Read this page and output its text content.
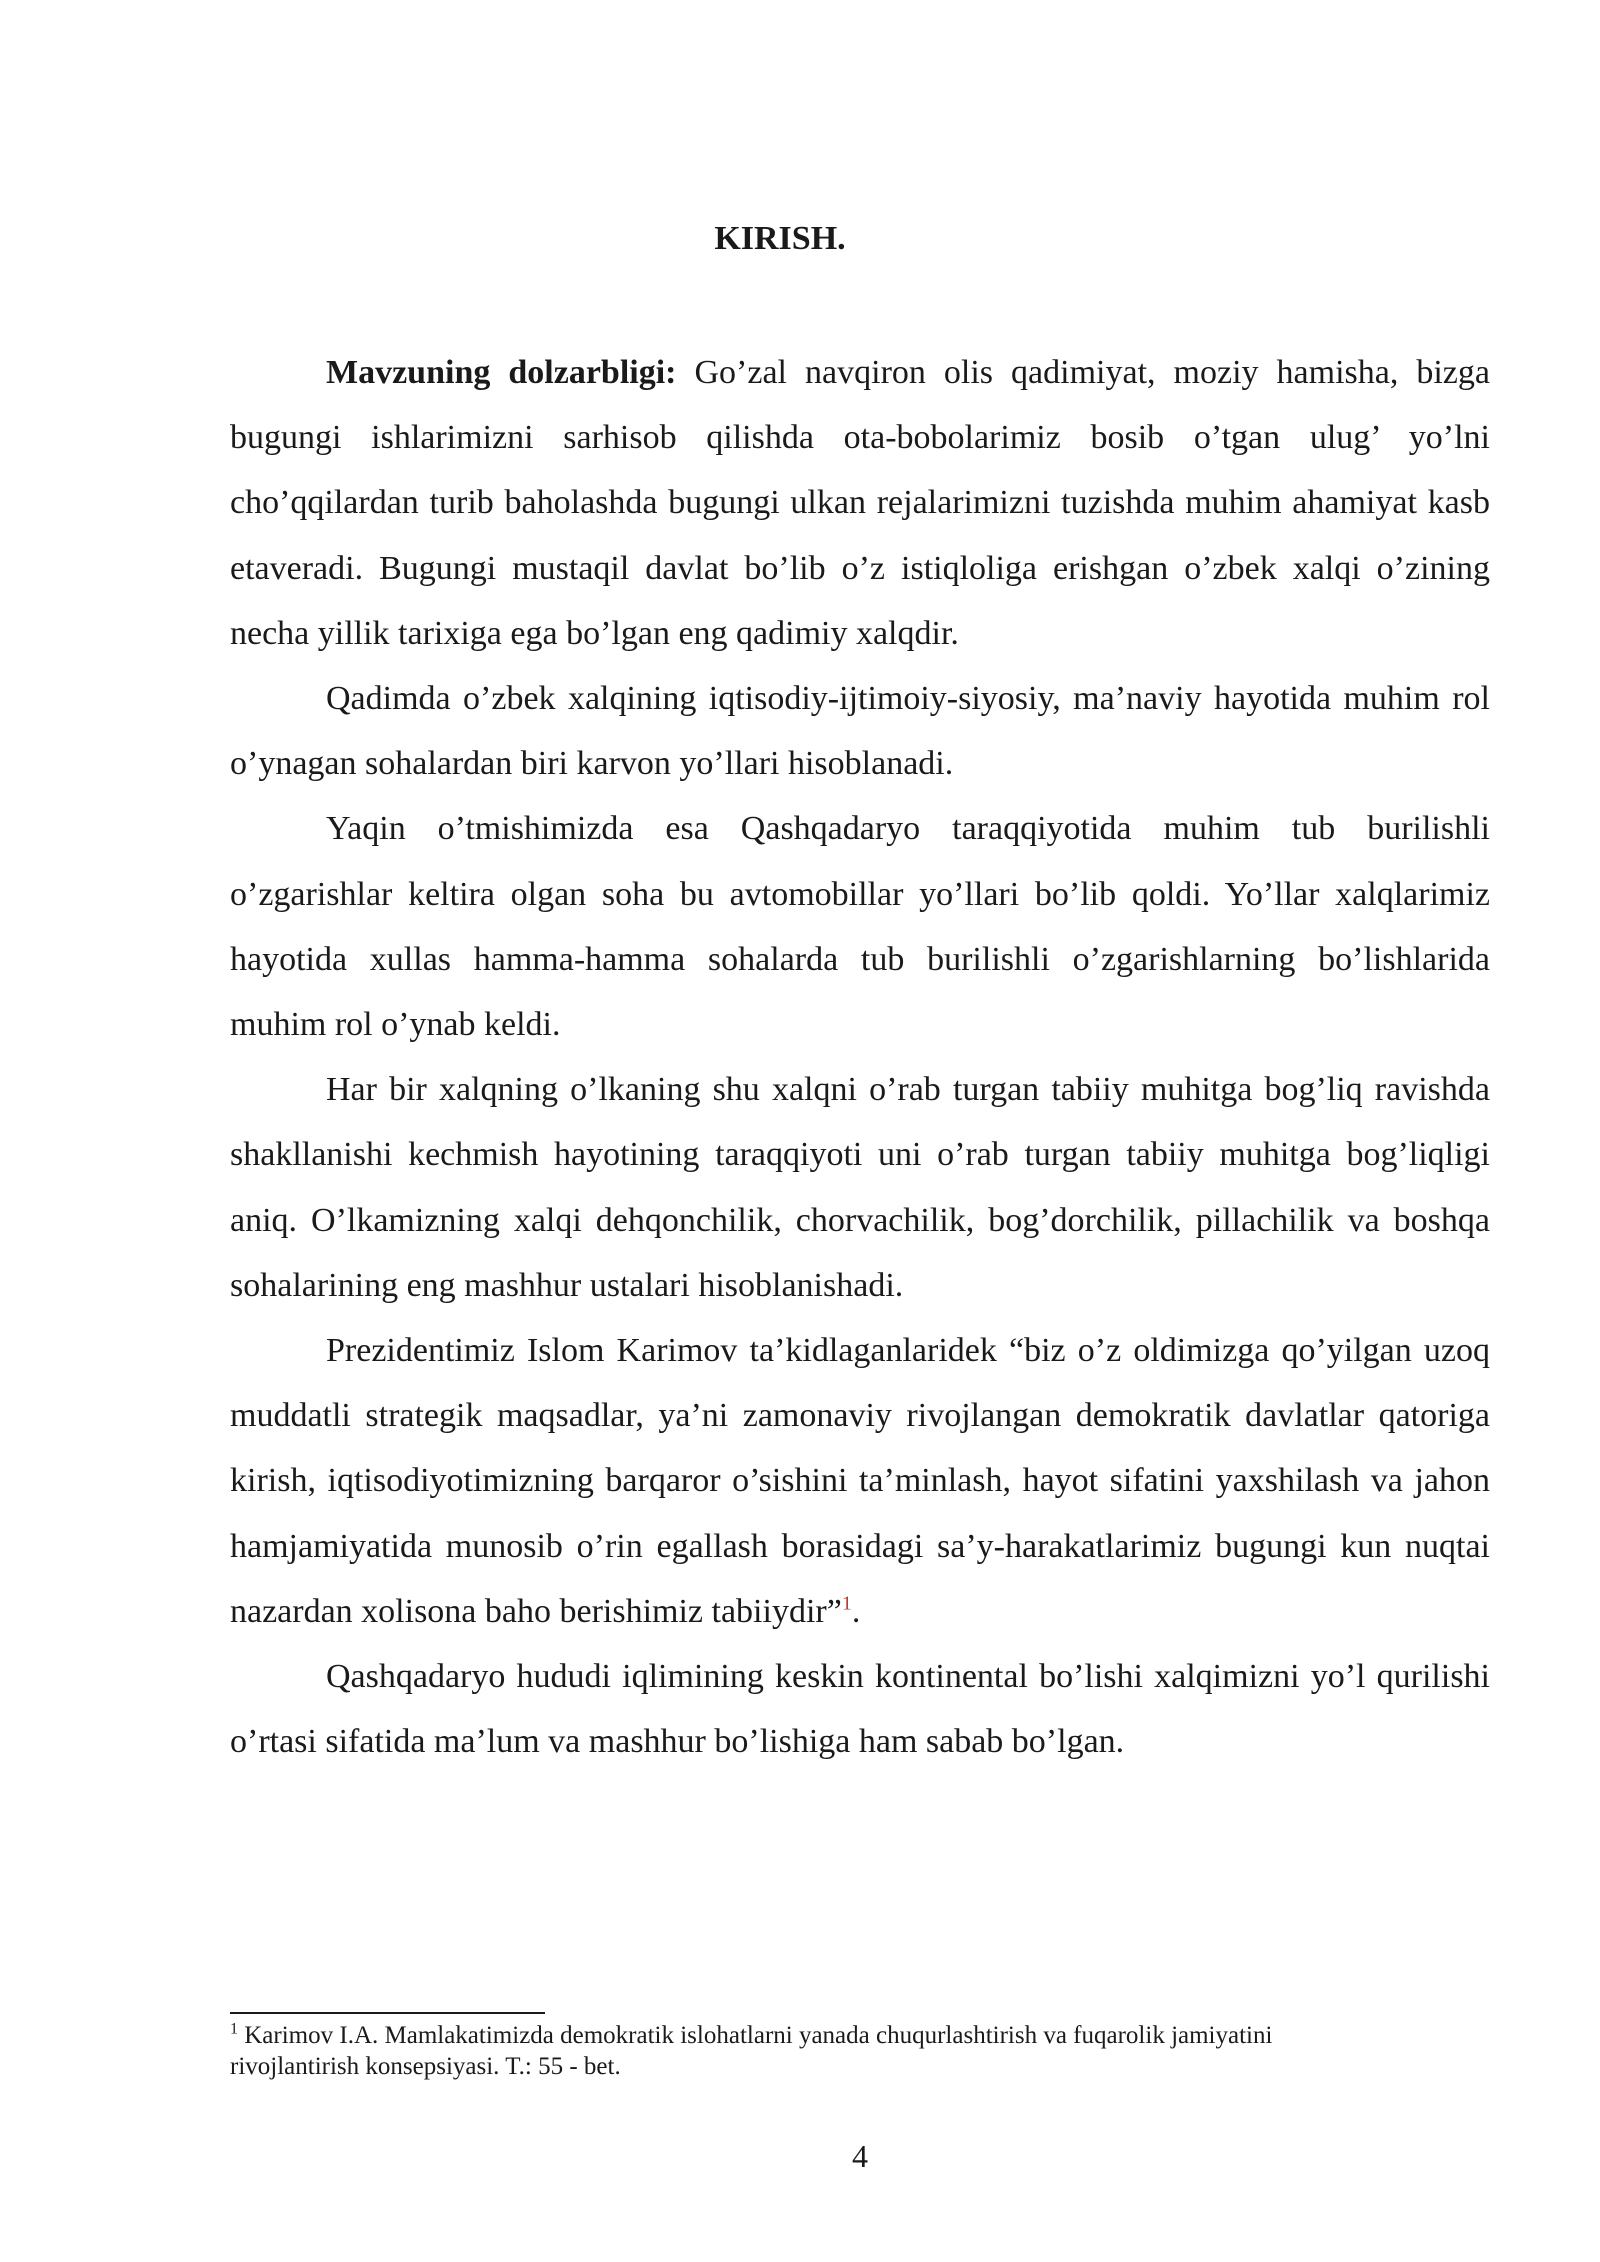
KIRISH.

Mavzuning dolzarbligi: Go’zal navqiron olis qadimiyat, moziy hamisha, bizga bugungi ishlarimizni sarhisob qilishda ota-bobolarimiz bosib o’tgan ulug’ yo’lni cho’qqilardan turib baholashda bugungi ulkan rejalarimizni tuzishda muhim ahamiyat kasb etaveradi. Bugungi mustaqil davlat bo’lib o’z istiqloliga erishgan o’zbek xalqi o’zining necha yillik tarixiga ega bo’lgan eng qadimiy xalqdir.

Qadimda o’zbek xalqining iqtisodiy-ijtimoiy-siyosiy, ma’naviy hayotida muhim rol o’ynagan sohalardan biri karvon yo’llari hisoblanadi.

Yaqin o’tmishimizda esa Qashqadaryo taraqqiyotida muhim tub burilishli o’zgarishlar keltira olgan soha bu avtomobillar yo’llari bo’lib qoldi. Yo’llar xalqlarimiz hayotida xullas hamma-hamma sohalarda tub burilishli o’zgarishlarning bo’lishlarida muhim rol o’ynab keldi.

Har bir xalqning o’lkaning shu xalqni o’rab turgan tabiiy muhitga bog’liq ravishda shakllanishi kechmish hayotining taraqqiyoti uni o’rab turgan tabiiy muhitga bog’liqligi aniq. O’lkamizning xalqi dehqonchilik, chorvachilik, bog’dorchilik, pillachilik va boshqa sohalarining eng mashhur ustalari hisoblanishadi.

Prezidentimiz Islom Karimov ta’kidlaganlaridek “biz o’z oldimizga qo’yilgan uzoq muddatli strategik maqsadlar, ya’ni zamonaviy rivojlangan demokratik davlatlar qatoriga kirish, iqtisodiyotimizning barqaror o’sishini ta’minlash, hayot sifatini yaxshilash va jahon hamjamiyatida munosib o’rin egallash borasidagi sa’y-harakatlarimiz bugungi kun nuqtai nazardan xolisona baho berishimiz tabiiydir”$^1$.

Qashqadaryo hududi iqlimining keskin kontinental bo’lishi xalqimizni yo’l qurilishi o’rtasi sifatida ma’lum va mashhur bo’lishiga ham sabab bo’lgan.

$^1$ Karimov I.A. Mamlakatimizda demokratik islohatlarni yanada chuqurlashtirish va fuqarolik jamiyatini rivojlantirish konsepsiyasi. T.: 55 - bet.

4
